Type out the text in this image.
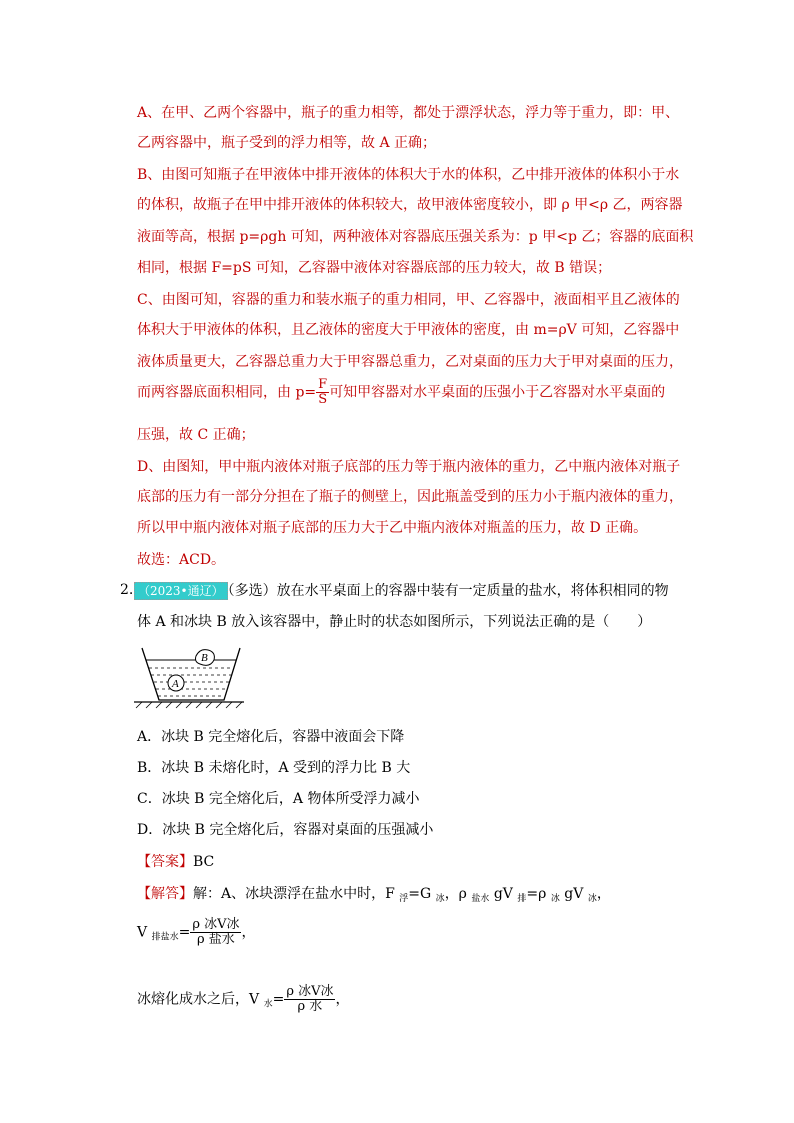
A、在甲、乙两个容器中，瓶子的重力相等，都处于漂浮状态，浮力等于重力，即：甲、
乙两容器中，瓶子受到的浮力相等，故 A 正确；
B、由图可知瓶子在甲液体中排开液体的体积大于水的体积，乙中排开液体的体积小于水
的体积，故瓶子在甲中排开液体的体积较大，故甲液体密度较小，即 ρ 甲<ρ 乙，两容器
液面等高，根据 p=ρgh 可知，两种液体对容器底压强关系为：p 甲<p 乙；容器的底面积
相同，根据 F=pS 可知，乙容器中液体对容器底部的压力较大，故 B 错误；
C、由图可知，容器的重力和装水瓶子的重力相同，甲、乙容器中，液面相平且乙液体的
体积大于甲液体的体积，且乙液体的密度大于甲液体的密度，由 m=ρV 可知，乙容器中
液体质量更大，乙容器总重力大于甲容器总重力，乙对桌面的压力大于甲对桌面的压力，
而两容器底面积相同，由 $p= \frac{F}{S}$ 可知甲容器对水平桌面的压强小于乙容器对水平桌面的
压强，故 C 正确；
D、由图知，甲中瓶内液体对瓶子底部的压力等于瓶内液体的重力，乙中瓶内液体对瓶子
底部的压力有一部分分担在了瓶子的侧壁上，因此瓶盖受到的压力小于瓶内液体的重力，
所以甲中瓶内液体对瓶子底部的压力大于乙中瓶内液体对瓶盖的压力，故 D 正确。
故选：ACD。
2. （2023•通辽） （多选）放在水平桌面上的容器中装有一定质量的盐水，将体积相同的物
体 A 和冰块 B 放入该容器中，静止时的状态如图所示，下列说法正确的是（　　）
A
B
A．冰块 B 完全熔化后，容器中液面会下降
B．冰块 B 未熔化时，A 受到的浮力比 B 大
C．冰块 B 完全熔化后，A 物体所受浮力减小
D．冰块 B 完全熔化后，容器对桌面的压强减小
【答案】BC
【解答】解：A、冰块漂浮在盐水中时，F $_浮$=G $_冰$，ρ $_{盐水}$ gV $_排$=ρ $_冰$ gV $_冰$，
V $_{排盐水}= \frac{\text{ρ 冰V冰}}{\text{ρ 盐水}}$ ，
冰熔化成水之后，V $_水= \frac{\text{ρ 冰V冰}}{\text{ρ 水}}$ ，
